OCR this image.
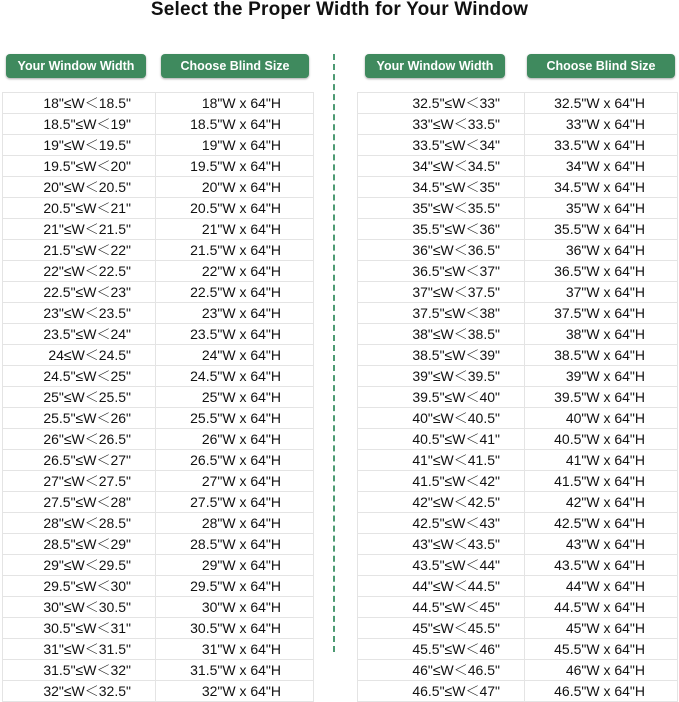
Select the Proper Width for Your Window
Your Window Width	Choose Blind Size	Your Window Width	Choose Blind Size
18"≤W＜18.5"	18"W x 64"H
18.5"≤W＜19"	18.5"W x 64"H
19"≤W＜19.5"	19"W x 64"H
19.5"≤W＜20"	19.5"W x 64"H
20"≤W＜20.5"	20"W x 64"H
20.5"≤W＜21"	20.5"W x 64"H
21"≤W＜21.5"	21"W x 64"H
21.5"≤W＜22"	21.5"W x 64"H
22"≤W＜22.5"	22"W x 64"H
22.5"≤W＜23"	22.5"W x 64"H
23"≤W＜23.5"	23"W x 64"H
23.5"≤W＜24"	23.5"W x 64"H
24≤W＜24.5"	24"W x 64"H
24.5"≤W＜25"	24.5"W x 64"H
25"≤W＜25.5"	25"W x 64"H
25.5"≤W＜26"	25.5"W x 64"H
26"≤W＜26.5"	26"W x 64"H
26.5"≤W＜27"	26.5"W x 64"H
27"≤W＜27.5"	27"W x 64"H
27.5"≤W＜28"	27.5"W x 64"H
28"≤W＜28.5"	28"W x 64"H
28.5"≤W＜29"	28.5"W x 64"H
29"≤W＜29.5"	29"W x 64"H
29.5"≤W＜30"	29.5"W x 64"H
30"≤W＜30.5"	30"W x 64"H
30.5"≤W＜31"	30.5"W x 64"H
31"≤W＜31.5"	31"W x 64"H
31.5"≤W＜32"	31.5"W x 64"H
32"≤W＜32.5"	32"W x 64"H
32.5"≤W＜33"	32.5"W x 64"H
33"≤W＜33.5"	33"W x 64"H
33.5"≤W＜34"	33.5"W x 64"H
34"≤W＜34.5"	34"W x 64"H
34.5"≤W＜35"	34.5"W x 64"H
35"≤W＜35.5"	35"W x 64"H
35.5"≤W＜36"	35.5"W x 64"H
36"≤W＜36.5"	36"W x 64"H
36.5"≤W＜37"	36.5"W x 64"H
37"≤W＜37.5"	37"W x 64"H
37.5"≤W＜38"	37.5"W x 64"H
38"≤W＜38.5"	38"W x 64"H
38.5"≤W＜39"	38.5"W x 64"H
39"≤W＜39.5"	39"W x 64"H
39.5"≤W＜40"	39.5"W x 64"H
40"≤W＜40.5"	40"W x 64"H
40.5"≤W＜41"	40.5"W x 64"H
41"≤W＜41.5"	41"W x 64"H
41.5"≤W＜42"	41.5"W x 64"H
42"≤W＜42.5"	42"W x 64"H
42.5"≤W＜43"	42.5"W x 64"H
43"≤W＜43.5"	43"W x 64"H
43.5"≤W＜44"	43.5"W x 64"H
44"≤W＜44.5"	44"W x 64"H
44.5"≤W＜45"	44.5"W x 64"H
45"≤W＜45.5"	45"W x 64"H
45.5"≤W＜46"	45.5"W x 64"H
46"≤W＜46.5"	46"W x 64"H
46.5"≤W＜47"	46.5"W x 64"H
